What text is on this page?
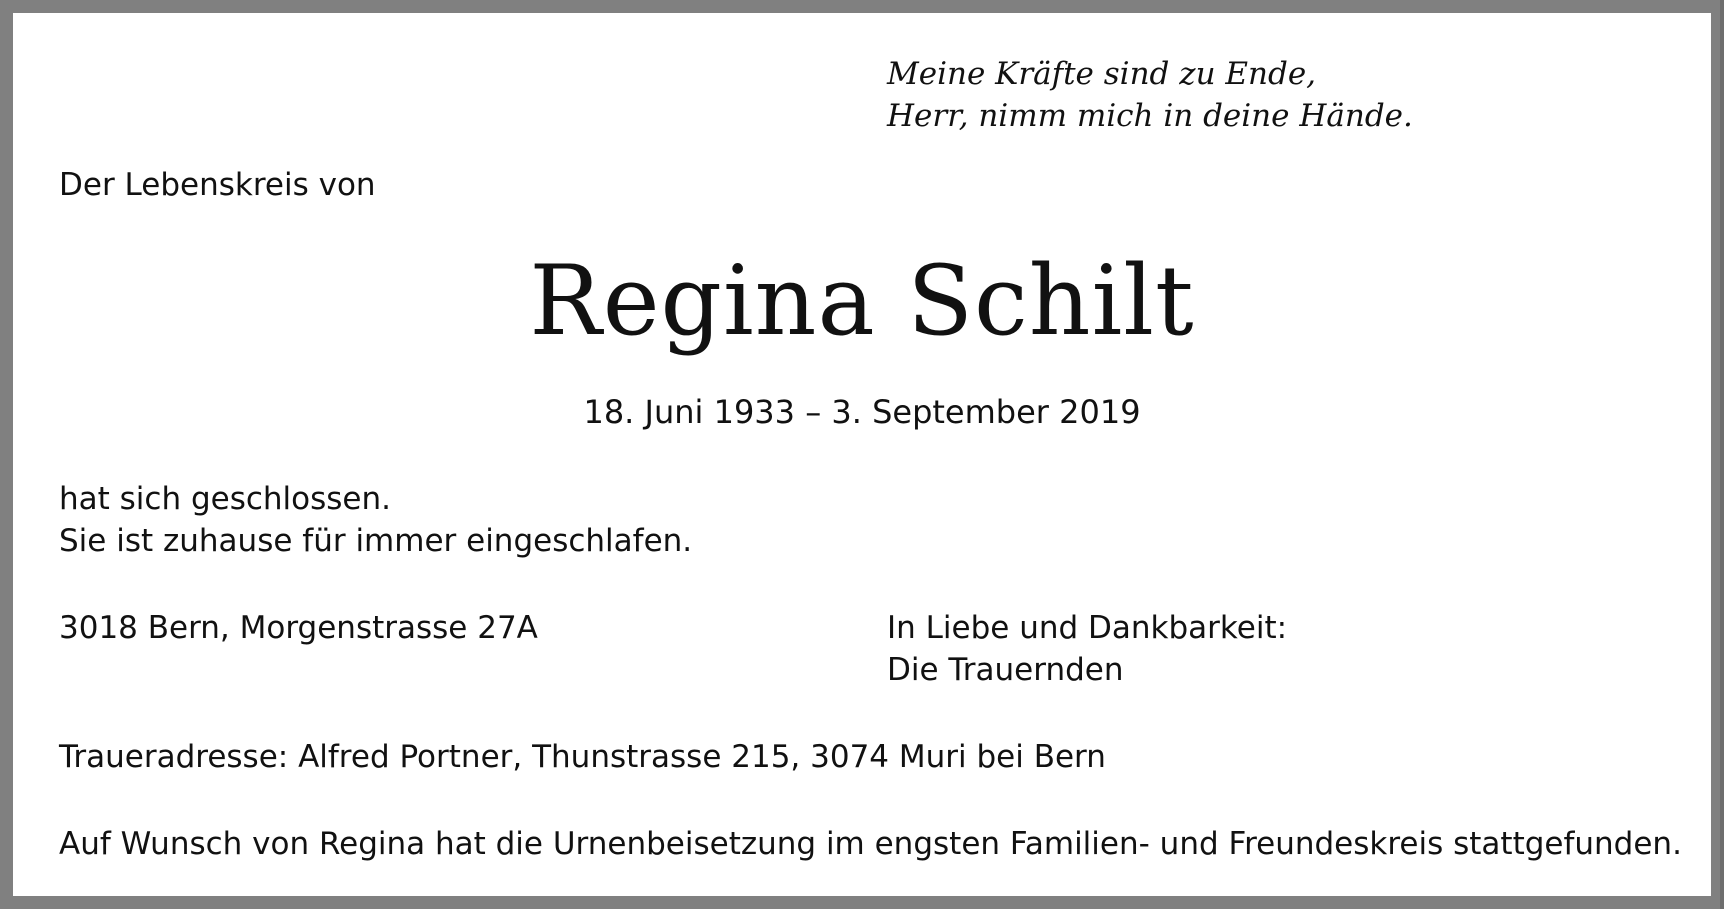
Meine Kräfte sind zu Ende,
Herr, nimm mich in deine Hände.
Der Lebenskreis von
Regina Schilt
18. Juni 1933 – 3. September 2019
hat sich geschlossen.
Sie ist zuhause für immer eingeschlafen.
3018 Bern, Morgenstrasse 27A	In Liebe und Dankbarkeit:
Die Trauernden
Traueradresse: Alfred Portner, Thunstrasse 215, 3074 Muri bei Bern
Auf Wunsch von Regina hat die Urnenbeisetzung im engsten Familien- und Freundeskreis stattgefunden.
